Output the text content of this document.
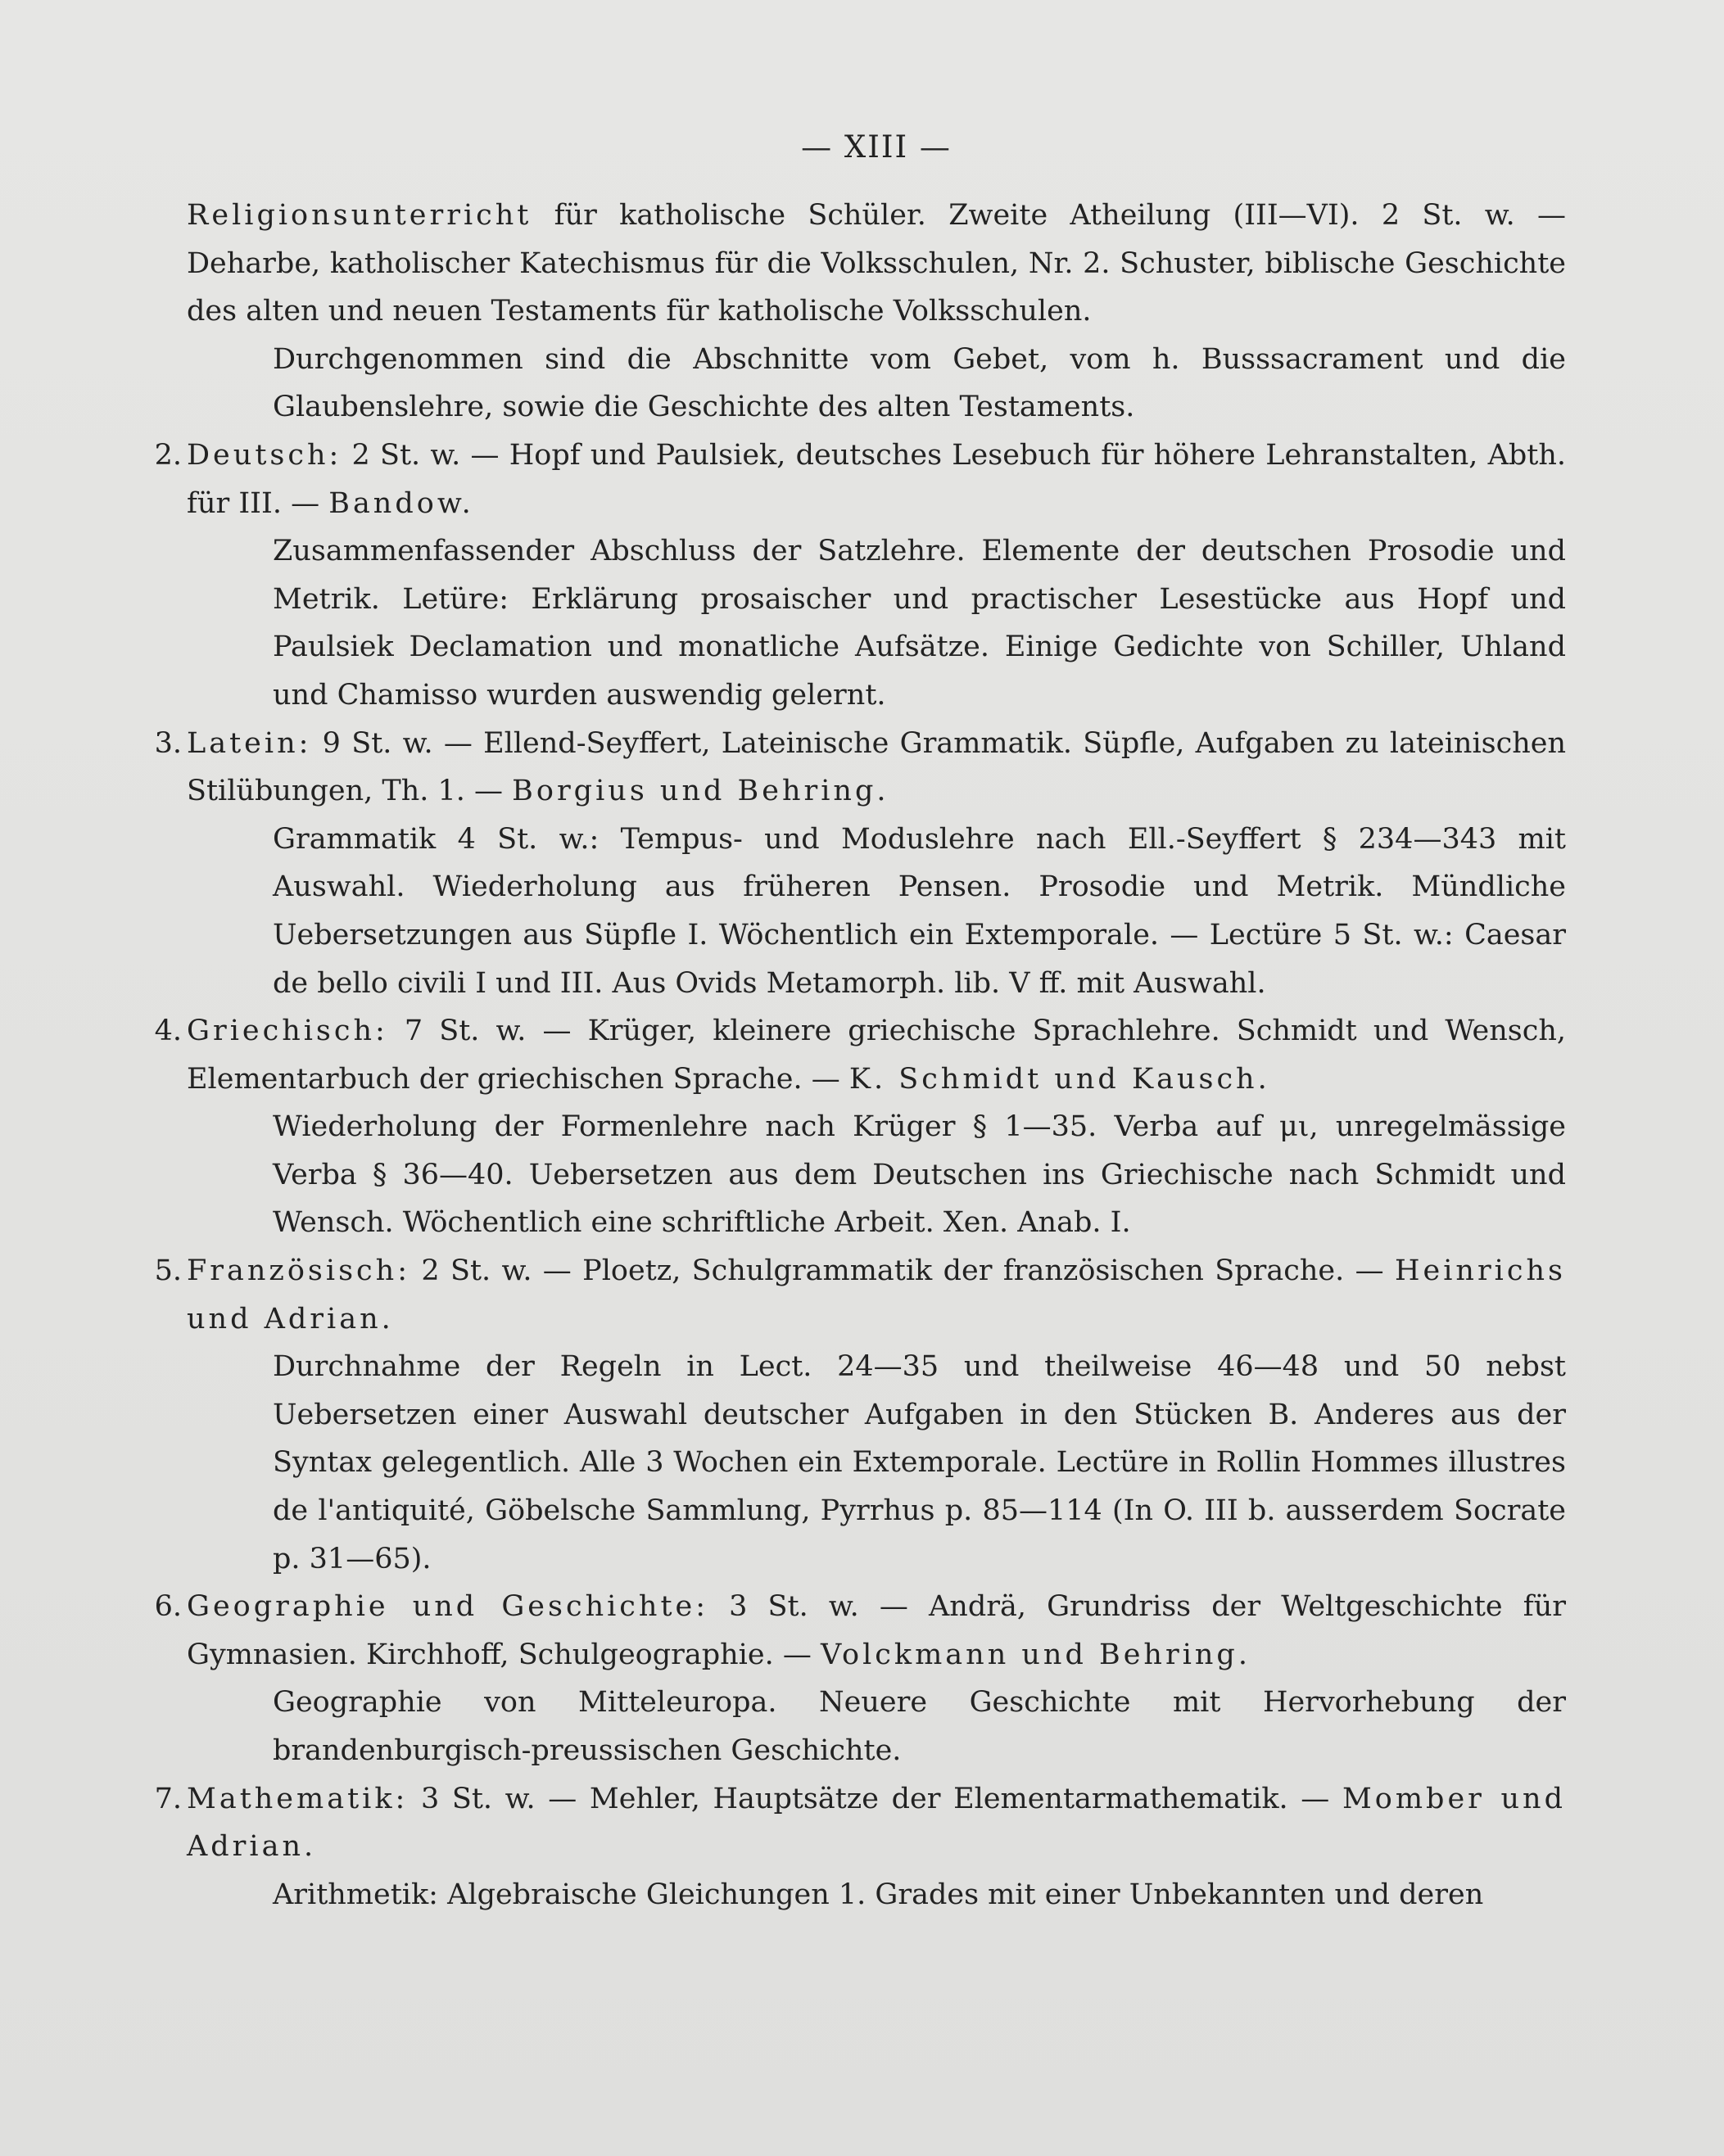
— XIII —

Religionsunterricht für katholische Schüler. Zweite Atheilung (III—VI). 2 St. w. — Deharbe, katholischer Katechismus für die Volksschulen, Nr. 2. Schuster, biblische Geschichte des alten und neuen Testaments für katholische Volksschulen.

Durchgenommen sind die Abschnitte vom Gebet, vom h. Busssacrament und die Glaubenslehre, sowie die Geschichte des alten Testaments.

2. Deutsch: 2 St. w. — Hopf und Paulsiek, deutsches Lesebuch für höhere Lehranstalten, Abth. für III. — Bandow.

Zusammenfassender Abschluss der Satzlehre. Elemente der deutschen Prosodie und Metrik. Letüre: Erklärung prosaischer und practischer Lesestücke aus Hopf und Paulsiek Declamation und monatliche Aufsätze. Einige Gedichte von Schiller, Uhland und Chamisso wurden auswendig gelernt.

3. Latein: 9 St. w. — Ellend-Seyffert, Lateinische Grammatik. Süpfle, Aufgaben zu lateinischen Stilübungen, Th. 1. — Borgius und Behring.

Grammatik 4 St. w.: Tempus- und Moduslehre nach Ell.-Seyffert § 234—343 mit Auswahl. Wiederholung aus früheren Pensen. Prosodie und Metrik. Mündliche Uebersetzungen aus Süpfle I. Wöchentlich ein Extemporale. — Lectüre 5 St. w.: Caesar de bello civili I und III. Aus Ovids Metamorph. lib. V ff. mit Auswahl.

4. Griechisch: 7 St. w. — Krüger, kleinere griechische Sprachlehre. Schmidt und Wensch, Elementarbuch der griechischen Sprache. — K. Schmidt und Kausch.

Wiederholung der Formenlehre nach Krüger § 1—35. Verba auf μι, unregelmässige Verba § 36—40. Uebersetzen aus dem Deutschen ins Griechische nach Schmidt und Wensch. Wöchentlich eine schriftliche Arbeit. Xen. Anab. I.

5. Französisch: 2 St. w. — Ploetz, Schulgrammatik der französischen Sprache. — Heinrichs und Adrian.

Durchnahme der Regeln in Lect. 24—35 und theilweise 46—48 und 50 nebst Uebersetzen einer Auswahl deutscher Aufgaben in den Stücken B. Anderes aus der Syntax gelegentlich. Alle 3 Wochen ein Extemporale. Lectüre in Rollin Hommes illustres de l'antiquité, Göbelsche Sammlung, Pyrrhus p. 85—114 (In O. III b. ausserdem Socrate p. 31—65).

6. Geographie und Geschichte: 3 St. w. — Andrä, Grundriss der Weltgeschichte für Gymnasien. Kirchhoff, Schulgeographie. — Volckmann und Behring.

Geographie von Mitteleuropa. Neuere Geschichte mit Hervorhebung der brandenburgisch-preussischen Geschichte.

7. Mathematik: 3 St. w. — Mehler, Hauptsätze der Elementarmathematik. — Momber und Adrian.

Arithmetik: Algebraische Gleichungen 1. Grades mit einer Unbekannten und deren
